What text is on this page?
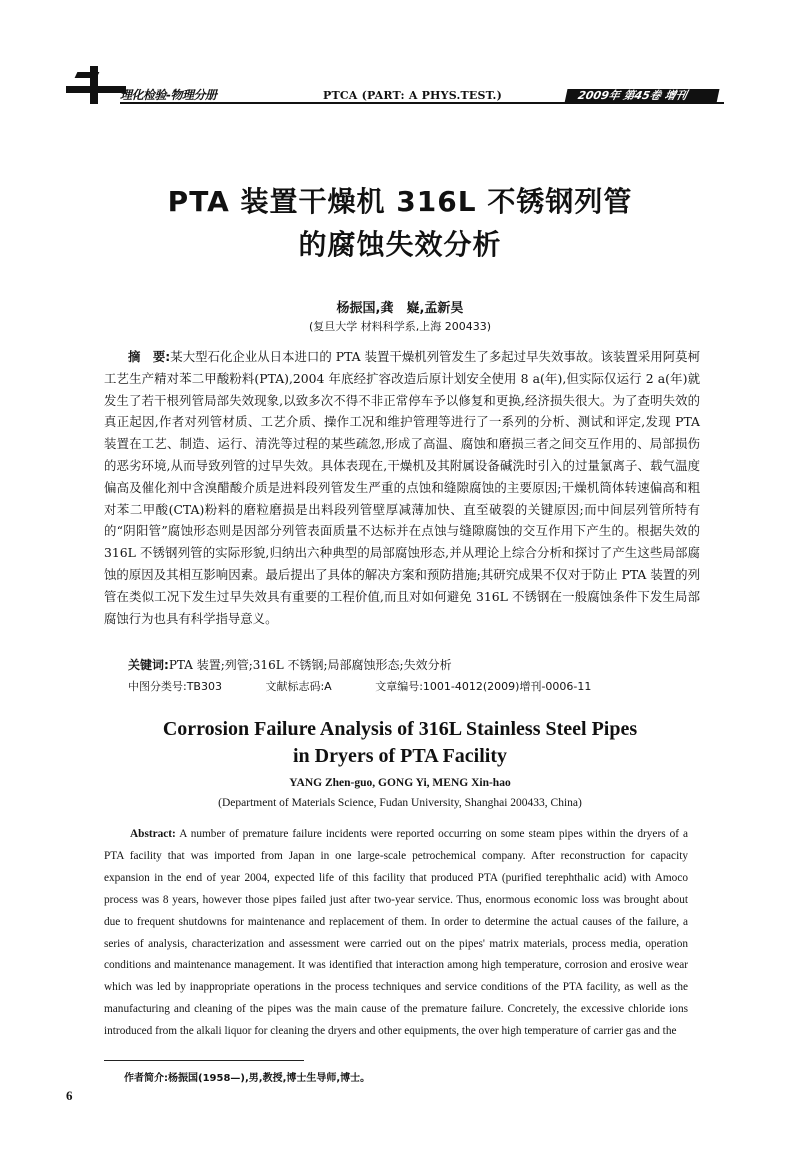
理化检验-物理分册	PTCA (PART: A PHYS.TEST.)	2009年 第45卷 增刊
PTA 装置干燥机 316L 不锈钢列管
的腐蚀失效分析
杨振国,龚　嶷,孟新昊
(复旦大学 材料科学系,上海 200433)
摘　要:某大型石化企业从日本进口的 PTA 装置干燥机列管发生了多起过早失效事故。该装置采用阿莫柯工艺生产精对苯二甲酸粉料(PTA),2004 年底经扩容改造后原计划安全使用 8 a(年),但实际仅运行 2 a(年)就发生了若干根列管局部失效现象,以致多次不得不非正常停车予以修复和更换,经济损失很大。为了查明失效的真正起因,作者对列管材质、工艺介质、操作工况和维护管理等进行了一系列的分析、测试和评定,发现 PTA 装置在工艺、制造、运行、清洗等过程的某些疏忽,形成了高温、腐蚀和磨损三者之间交互作用的、局部损伤的恶劣环境,从而导致列管的过早失效。具体表现在,干燥机及其附属设备碱洗时引入的过量氯离子、载气温度偏高及催化剂中含溴醋酸介质是进料段列管发生严重的点蚀和缝隙腐蚀的主要原因;干燥机筒体转速偏高和粗对苯二甲酸(CTA)粉料的磨粒磨损是出料段列管壁厚减薄加快、直至破裂的关键原因;而中间层列管所特有的“阴阳管”腐蚀形态则是因部分列管表面质量不达标并在点蚀与缝隙腐蚀的交互作用下产生的。根据失效的 316L 不锈钢列管的实际形貌,归纳出六种典型的局部腐蚀形态,并从理论上综合分析和探讨了产生这些局部腐蚀的原因及其相互影响因素。最后提出了具体的解决方案和预防措施;其研究成果不仅对于防止 PTA 装置的列管在类似工况下发生过早失效具有重要的工程价值,而且对如何避免 316L 不锈钢在一般腐蚀条件下发生局部腐蚀行为也具有科学指导意义。
关键词:PTA 装置;列管;316L 不锈钢;局部腐蚀形态;失效分析
中图分类号:TB303	文献标志码:A	文章编号:1001-4012(2009)增刊-0006-11
Corrosion Failure Analysis of 316L Stainless Steel Pipes
in Dryers of PTA Facility
YANG Zhen-guo, GONG Yi, MENG Xin-hao
(Department of Materials Science, Fudan University, Shanghai 200433, China)
Abstract: A number of premature failure incidents were reported occurring on some steam pipes within the dryers of a PTA facility that was imported from Japan in one large-scale petrochemical company. After reconstruction for capacity expansion in the end of year 2004, expected life of this facility that produced PTA (purified terephthalic acid) with Amoco process was 8 years, however those pipes failed just after two-year service. Thus, enormous economic loss was brought about due to frequent shutdowns for maintenance and replacement of them. In order to determine the actual causes of the failure, a series of analysis, characterization and assessment were carried out on the pipes' matrix materials, process media, operation conditions and maintenance management. It was identified that interaction among high temperature, corrosion and erosive wear which was led by inappropriate operations in the process techniques and service conditions of the PTA facility, as well as the manufacturing and cleaning of the pipes was the main cause of the premature failure. Concretely, the excessive chloride ions introduced from the alkali liquor for cleaning the dryers and other equipments, the over high temperature of carrier gas and the
作者简介:杨振国(1958—),男,教授,博士生导师,博士。
6
